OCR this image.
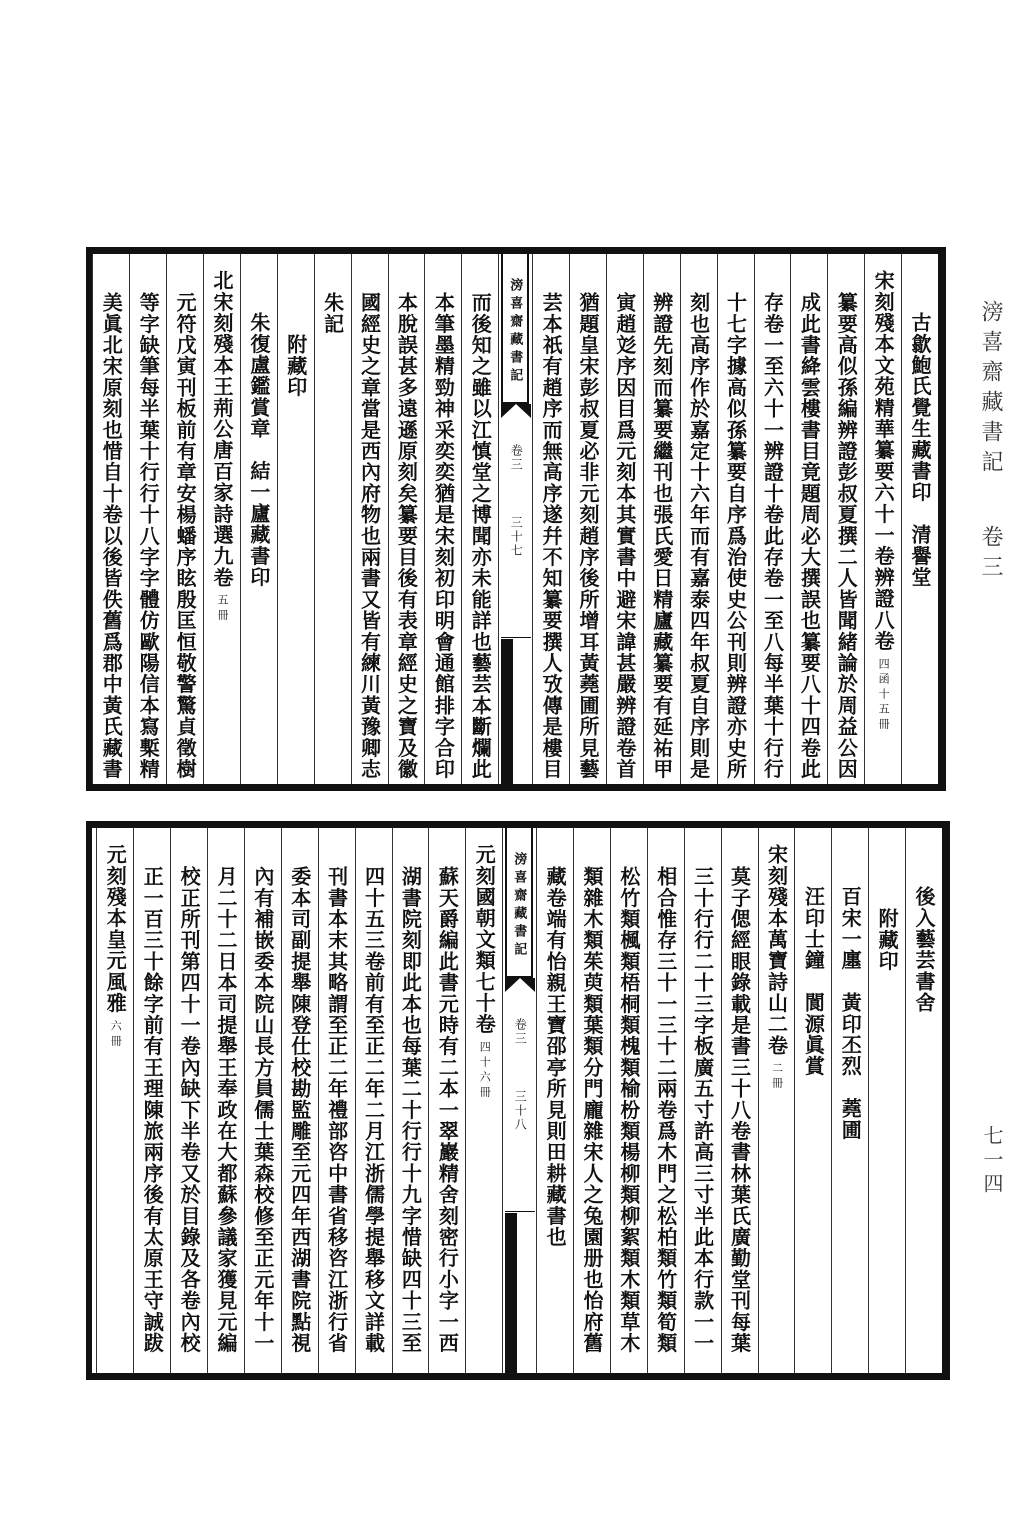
滂喜齋藏書記 卷三
七一四
古歙鮑氏覺生藏書印　清譽堂
宋刻殘本文苑精華纂要六十一卷辨證八卷四函十五冊
纂要高似孫編辨證彭叔夏撰二人皆聞緒論於周益公因
成此書絳雲樓書目竟題周必大撰誤也纂要八十四卷此
存卷一至六十一辨證十卷此存卷一至八每半葉十行行
十七字據高似孫纂要自序爲治使史公刊則辨證亦史所
刻也高序作於嘉定十六年而有嘉泰四年叔夏自序則是
辨證先刻而纂要繼刊也張氏愛日精廬藏纂要有延祐甲
寅趙彣序因目爲元刻本其實書中避宋諱甚嚴辨證卷首
猶題皇宋彭叔夏必非元刻趙序後所增耳黃蕘圃所見藝
芸本祇有趙序而無高序遂幷不知纂要撰人攷傳是樓目
滂喜齋藏書記
卷三
三十七
而後知之雖以江慎堂之博聞亦未能詳也藝芸本斷爛此
本筆墨精勁神采奕奕猶是宋刻初印明會通館排字合印
本脫誤甚多遠遜原刻矣纂要目後有表章經史之寶及徽
國經史之章當是西內府物也兩書又皆有練川黃豫卿志
朱記
附藏印
朱復盧鑑賞章　結一廬藏書印
北宋刻殘本王荊公唐百家詩選九卷五冊
元符戊寅刊板前有章安楊蟠序眩殷匡恒敬警驚貞徵樹
等字缺筆每半葉十行行十八字字體仿歐陽信本寫槧精
美眞北宋原刻也惜自十卷以後皆佚舊爲郡中黃氏藏書
後入藝芸書舍
附藏印
百宋一廛　黃印丕烈　蕘圃
汪印士鐘　閬源眞賞
宋刻殘本萬寶詩山二卷二冊
莫子偲經眼錄載是書三十八卷書林葉氏廣勤堂刊每葉
三十行行二十三字板廣五寸許高三寸半此本行款一一
相合惟存三十一三十二兩卷爲木門之松柏類竹類筍類
松竹類楓類梧桐類槐類榆枌類楊柳類柳絮類木類草木
類雜木類茱萸類葉類分門龐雜宋人之兔園册也怡府舊
藏卷端有怡親王寶邵亭所見則田耕藏書也
滂喜齋藏書記
卷三
三十八
元刻國朝文類七十卷四十六冊
蘇天爵編此書元時有二本一翠巖精舍刻密行小字一西
湖書院刻即此本也每葉二十行行十九字惜缺四十三至
四十五三卷前有至正二年二月江浙儒學提舉移文詳載
刊書本末其略謂至正二年禮部咨中書省移咨江浙行省
委本司副提舉陳登仕校勘監雕至元四年西湖書院點視
內有補嵌委本院山長方員儒士葉森校修至正元年十一
月二十二日本司提舉王奉政在大都蘇參議家獲見元編
校正所刊第四十一卷內缺下半卷又於目錄及各卷內校
正一百三十餘字前有王理陳旅兩序後有太原王守誠跋
元刻殘本皇元風雅六冊
